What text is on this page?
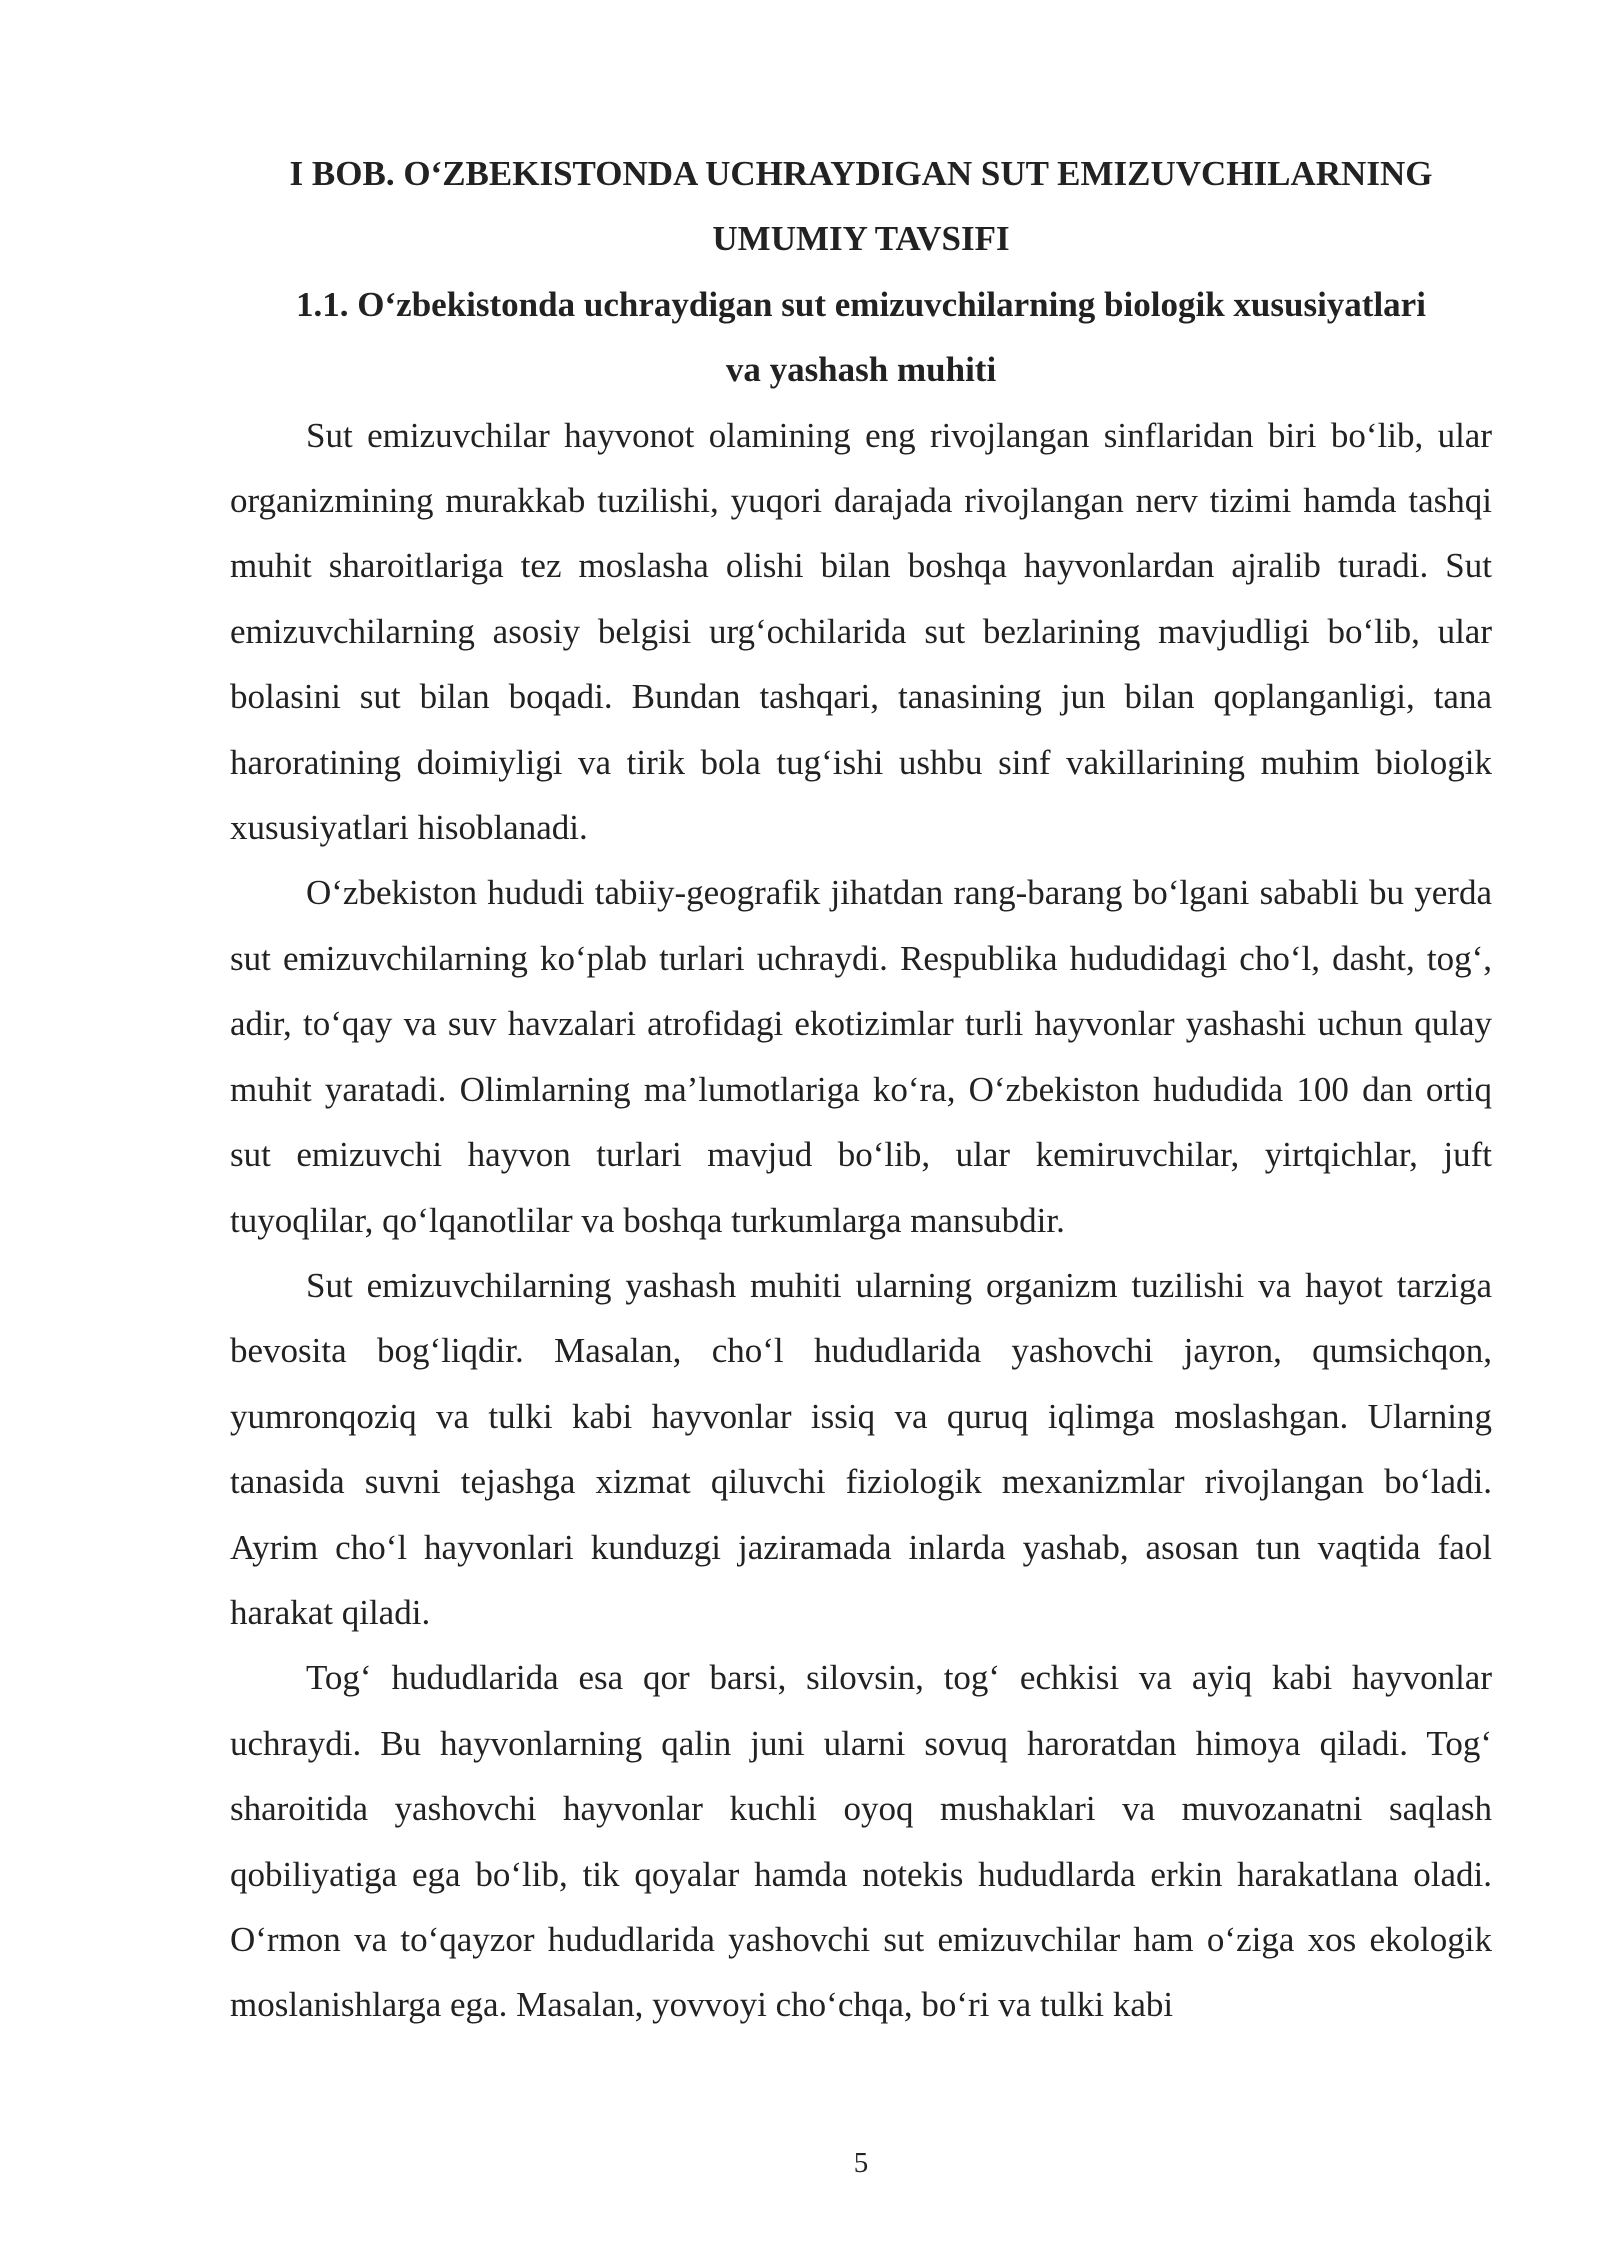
I BOB. O‘ZBEKISTONDA UCHRAYDIGAN SUT EMIZUVCHILARNING

UMUMIY TAVSIFI

1.1. O‘zbekistonda uchraydigan sut emizuvchilarning biologik xususiyatlari

va yashash muhiti

Sut emizuvchilar hayvonot olamining eng rivojlangan sinflaridan biri bo‘lib, ular organizmining murakkab tuzilishi, yuqori darajada rivojlangan nerv tizimi hamda tashqi muhit sharoitlariga tez moslasha olishi bilan boshqa hayvonlardan ajralib turadi. Sut emizuvchilarning asosiy belgisi urg‘ochilarida sut bezlarining mavjudligi bo‘lib, ular bolasini sut bilan boqadi. Bundan tashqari, tanasining jun bilan qoplanganligi, tana haroratining doimiyligi va tirik bola tug‘ishi ushbu sinf vakillarining muhim biologik xususiyatlari hisoblanadi.

O‘zbekiston hududi tabiiy-geografik jihatdan rang-barang bo‘lgani sababli bu yerda sut emizuvchilarning ko‘plab turlari uchraydi. Respublika hududidagi cho‘l, dasht, tog‘, adir, to‘qay va suv havzalari atrofidagi ekotizimlar turli hayvonlar yashashi uchun qulay muhit yaratadi. Olimlarning ma’lumotlariga ko‘ra, O‘zbekiston hududida 100 dan ortiq sut emizuvchi hayvon turlari mavjud bo‘lib, ular kemiruvchilar, yirtqichlar, juft tuyoqlilar, qo‘lqanotlilar va boshqa turkumlarga mansubdir.

Sut emizuvchilarning yashash muhiti ularning organizm tuzilishi va hayot tarziga bevosita bog‘liqdir. Masalan, cho‘l hududlarida yashovchi jayron, qumsichqon, yumronqoziq va tulki kabi hayvonlar issiq va quruq iqlimga moslashgan. Ularning tanasida suvni tejashga xizmat qiluvchi fiziologik mexanizmlar rivojlangan bo‘ladi. Ayrim cho‘l hayvonlari kunduzgi jaziramada inlarda yashab, asosan tun vaqtida faol harakat qiladi.

Tog‘ hududlarida esa qor barsi, silovsin, tog‘ echkisi va ayiq kabi hayvonlar uchraydi. Bu hayvonlarning qalin juni ularni sovuq haroratdan himoya qiladi. Tog‘ sharoitida yashovchi hayvonlar kuchli oyoq mushaklari va muvozanatni saqlash qobiliyatiga ega bo‘lib, tik qoyalar hamda notekis hududlarda erkin harakatlana oladi. O‘rmon va to‘qayzor hududlarida yashovchi sut emizuvchilar ham o‘ziga xos ekologik moslanishlarga ega. Masalan, yovvoyi cho‘chqa, bo‘ri va tulki kabi

5
